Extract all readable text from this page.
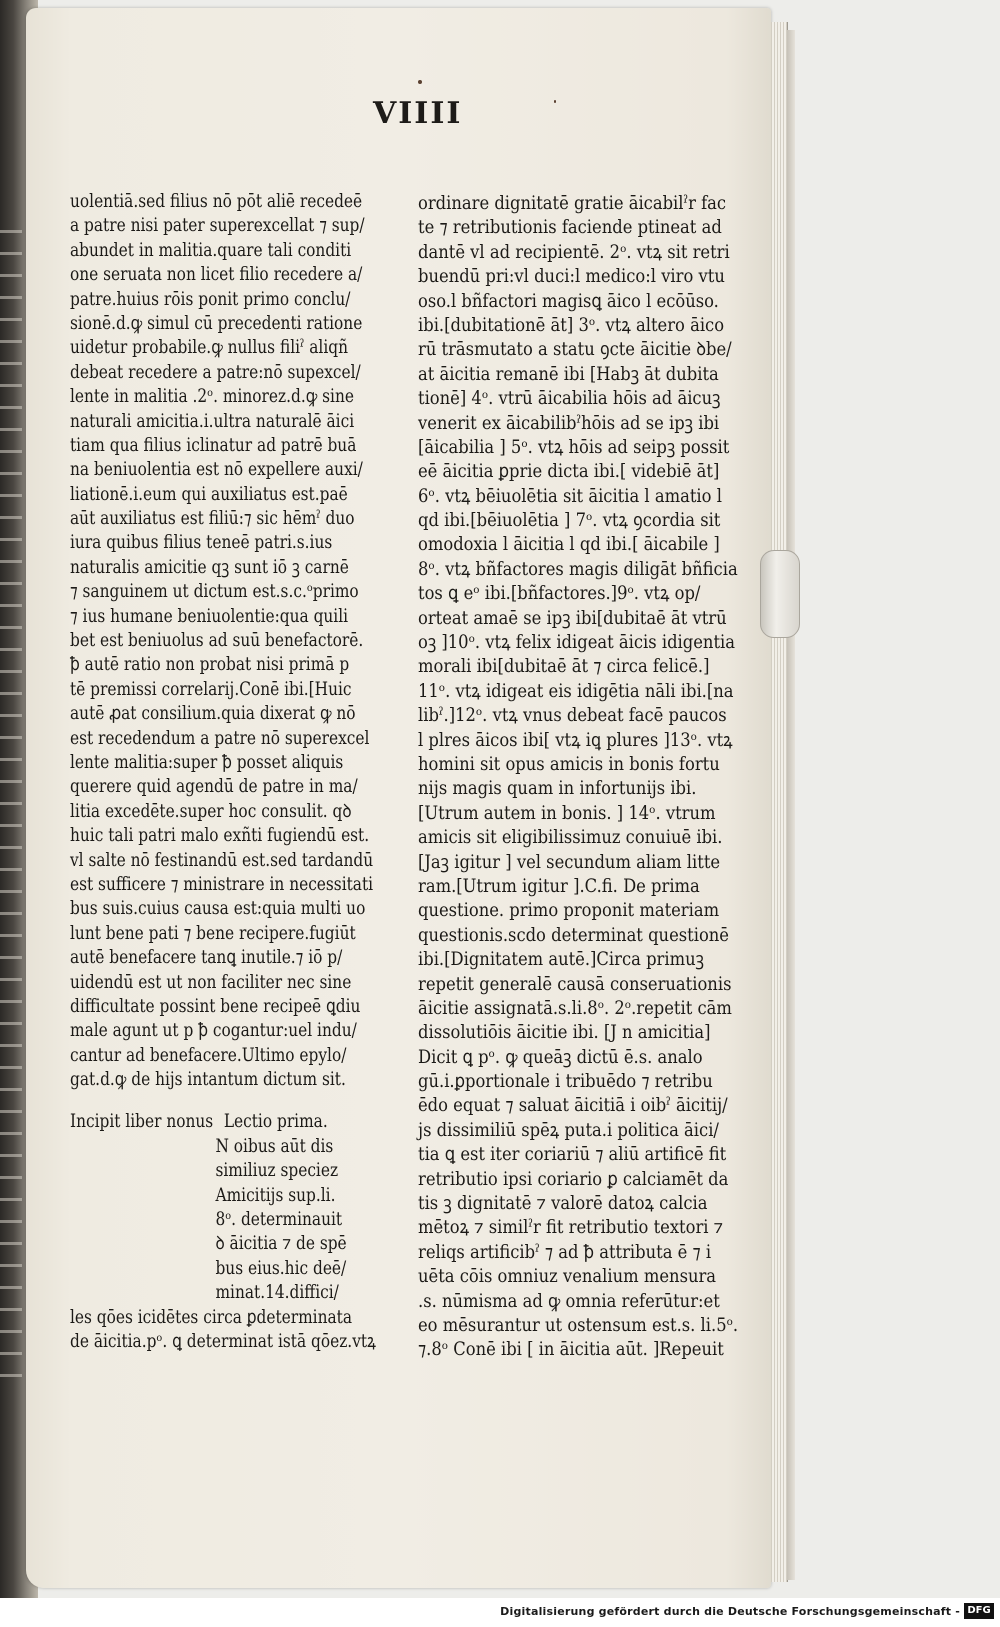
VIIII
uolentiā.sed filius nō pōt aliē recedeē
a patre nisi pater superexcellat ⁊ sup/
abundet in malitia.quare tali conditi
one seruata non licet filio recedere a/
patre.huius rōis ponit primo conclu/
sionē.d.ꝙ simul cū precedenti ratione
uidetur probabile.ꝙ nullus filiˀ aliqñ
debeat recedere a patre:nō supexcel/
lente in malitia .2ᵒ. minorez.d.ꝙ sine
naturali amicitia.i.ultra naturalē āici
tiam qua filius iclinatur ad patrē buā
na beniuolentia est nō expellere auxi/
liationē.i.eum qui auxiliatus est.paē
aūt auxiliatus est filiū:⁊ sic hēmˀ duo
iura quibus filius teneē patri.s.ius
naturalis amicitie qꝫ sunt iō ꝫ carnē
⁊ sanguinem ut dictum est.s.c.ᵒprimo
⁊ ius humane beniuolentie:qua quili
bet est beniuolus ad suū benefactorē.
ꝥ autē ratio non probat nisi primā p
tē premissi correlarij.Conē ibi.[Huic
autē ꝓat consilium.quia dixerat ꝙ nō
est recedendum a patre nō superexcel
lente malitia:super ꝥ posset aliquis
querere quid agendū de patre in ma/
litia excedēte.super hoc consulit. qꝺ
huic tali patri malo exñti fugiendū est.
vl salte nō festinandū est.sed tardandū
est sufficere ⁊ ministrare in necessitati
bus suis.cuius causa est:quia multi uo
lunt bene pati ⁊ bene recipere.fugiūt
autē benefacere tanꝗ inutile.⁊ iō p/
uidendū est ut non faciliter nec sine
difficultate possint bene recipeē ꝗdiu
male agunt ut p ꝥ cogantur:uel indu/
cantur ad benefacere.Ultimo epylo/
gat.d.ꝙ de hijs intantum dictum sit.
Incipit liber nonus Lectio prima.
N oibus aūt dis
similiuz speciez
Amicitijs sup.li.
8ᵒ. determinauit
ꝺ āicitia ⁊ de spē
bus eius.hic deē/
minat.14.diffici/
les qōes icidētes circa ꝑdeterminata
de āicitia.pᵒ. ꝗ determinat istā qōez.vtꝝ
ordinare dignitatē gratie āicabilˀr fac
te ⁊ retributionis faciende ptineat ad
dantē vl ad recipientē. 2ᵒ. vtꝝ sit retri
buendū pri:vl duci:l medico:l viro vtu
oso.l bñfactori magisꝗ āico l ecōūso.
ibi.[dubitationē āt] 3ᵒ. vtꝝ altero āico
rū trāsmutato a statu ꝯcte āicitie ꝺbe/
at āicitia remanē ibi [Habꝫ āt dubita
tionē] 4ᵒ. vtrū āicabilia hōis ad āicuꝫ
venerit ex āicabilibˀhōis ad se ipꝫ ibi
[āicabilia ] 5ᵒ. vtꝝ hōis ad seipꝫ possit
eē āicitia ꝑprie dicta ibi.[ videbiē āt]
6ᵒ. vtꝝ bēiuolētia sit āicitia l amatio l
qd ibi.[bēiuolētia ] 7ᵒ. vtꝝ ꝯcordia sit
omodoxia l āicitia l qd ibi.[ āicabile ]
8ᵒ. vtꝝ bñfactores magis diligāt bñficia
tos ꝗ eᵒ ibi.[bñfactores.]9ᵒ. vtꝝ op/
orteat amaē se ipꝫ ibi[dubitaē āt vtrū
oꝫ ]10ᵒ. vtꝝ felix idigeat āicis idigentia
morali ibi[dubitaē āt ⁊ circa felicē.]
11ᵒ. vtꝝ idigeat eis idigētia nāli ibi.[na
libˀ.]12ᵒ. vtꝝ vnus debeat facē paucos
l plres āicos ibi[ vtꝝ iꝗ plures ]13ᵒ. vtꝝ
homini sit opus amicis in bonis fortu
nijs magis quam in infortunijs ibi.
[Utrum autem in bonis. ] 14ᵒ. vtrum
amicis sit eligibilissimuz conuiuē ibi.
[Jaꝫ igitur ] vel secundum aliam litte
ram.[Utrum igitur ].C.fi. De prima
questione. primo proponit materiam
questionis.scdo determinat questionē
ibi.[Dignitatem autē.]Circa primuꝫ
repetit generalē causā conseruationis
āicitie assignatā.s.li.8ᵒ. 2ᵒ.repetit cām
dissolutiōis āicitie ibi. [J n amicitia]
Dicit ꝗ pᵒ. ꝙ queāꝫ dictū ē.s. analo
gū.i.ꝑportionale i tribuēdo ⁊ retribu
ēdo equat ⁊ saluat āicitiā i oibˀ āicitij/
js dissimiliū spēꝝ puta.i politica āici/
tia ꝗ est iter coriariū ⁊ aliū artificē fit
retributio ipsi coriario ꝑ calciamēt da
tis ꝫ dignitatē ⁊ valorē datoꝝ calcia
mētoꝝ ⁊ similˀr fit retributio textori ⁊
reliqs artificibˀ ⁊ ad ꝥ attributa ē ⁊ i
uēta cōis omniuz venalium mensura
.s. nūmisma ad ꝙ omnia referūtur:et
eo mēsurantur ut ostensum est.s. li.5ᵒ.
⁊.8ᵒ Conē ibi [ in āicitia aūt. ]Repeuit
Digitalisierung gefördert durch die Deutsche Forschungsgemeinschaft - DFG
